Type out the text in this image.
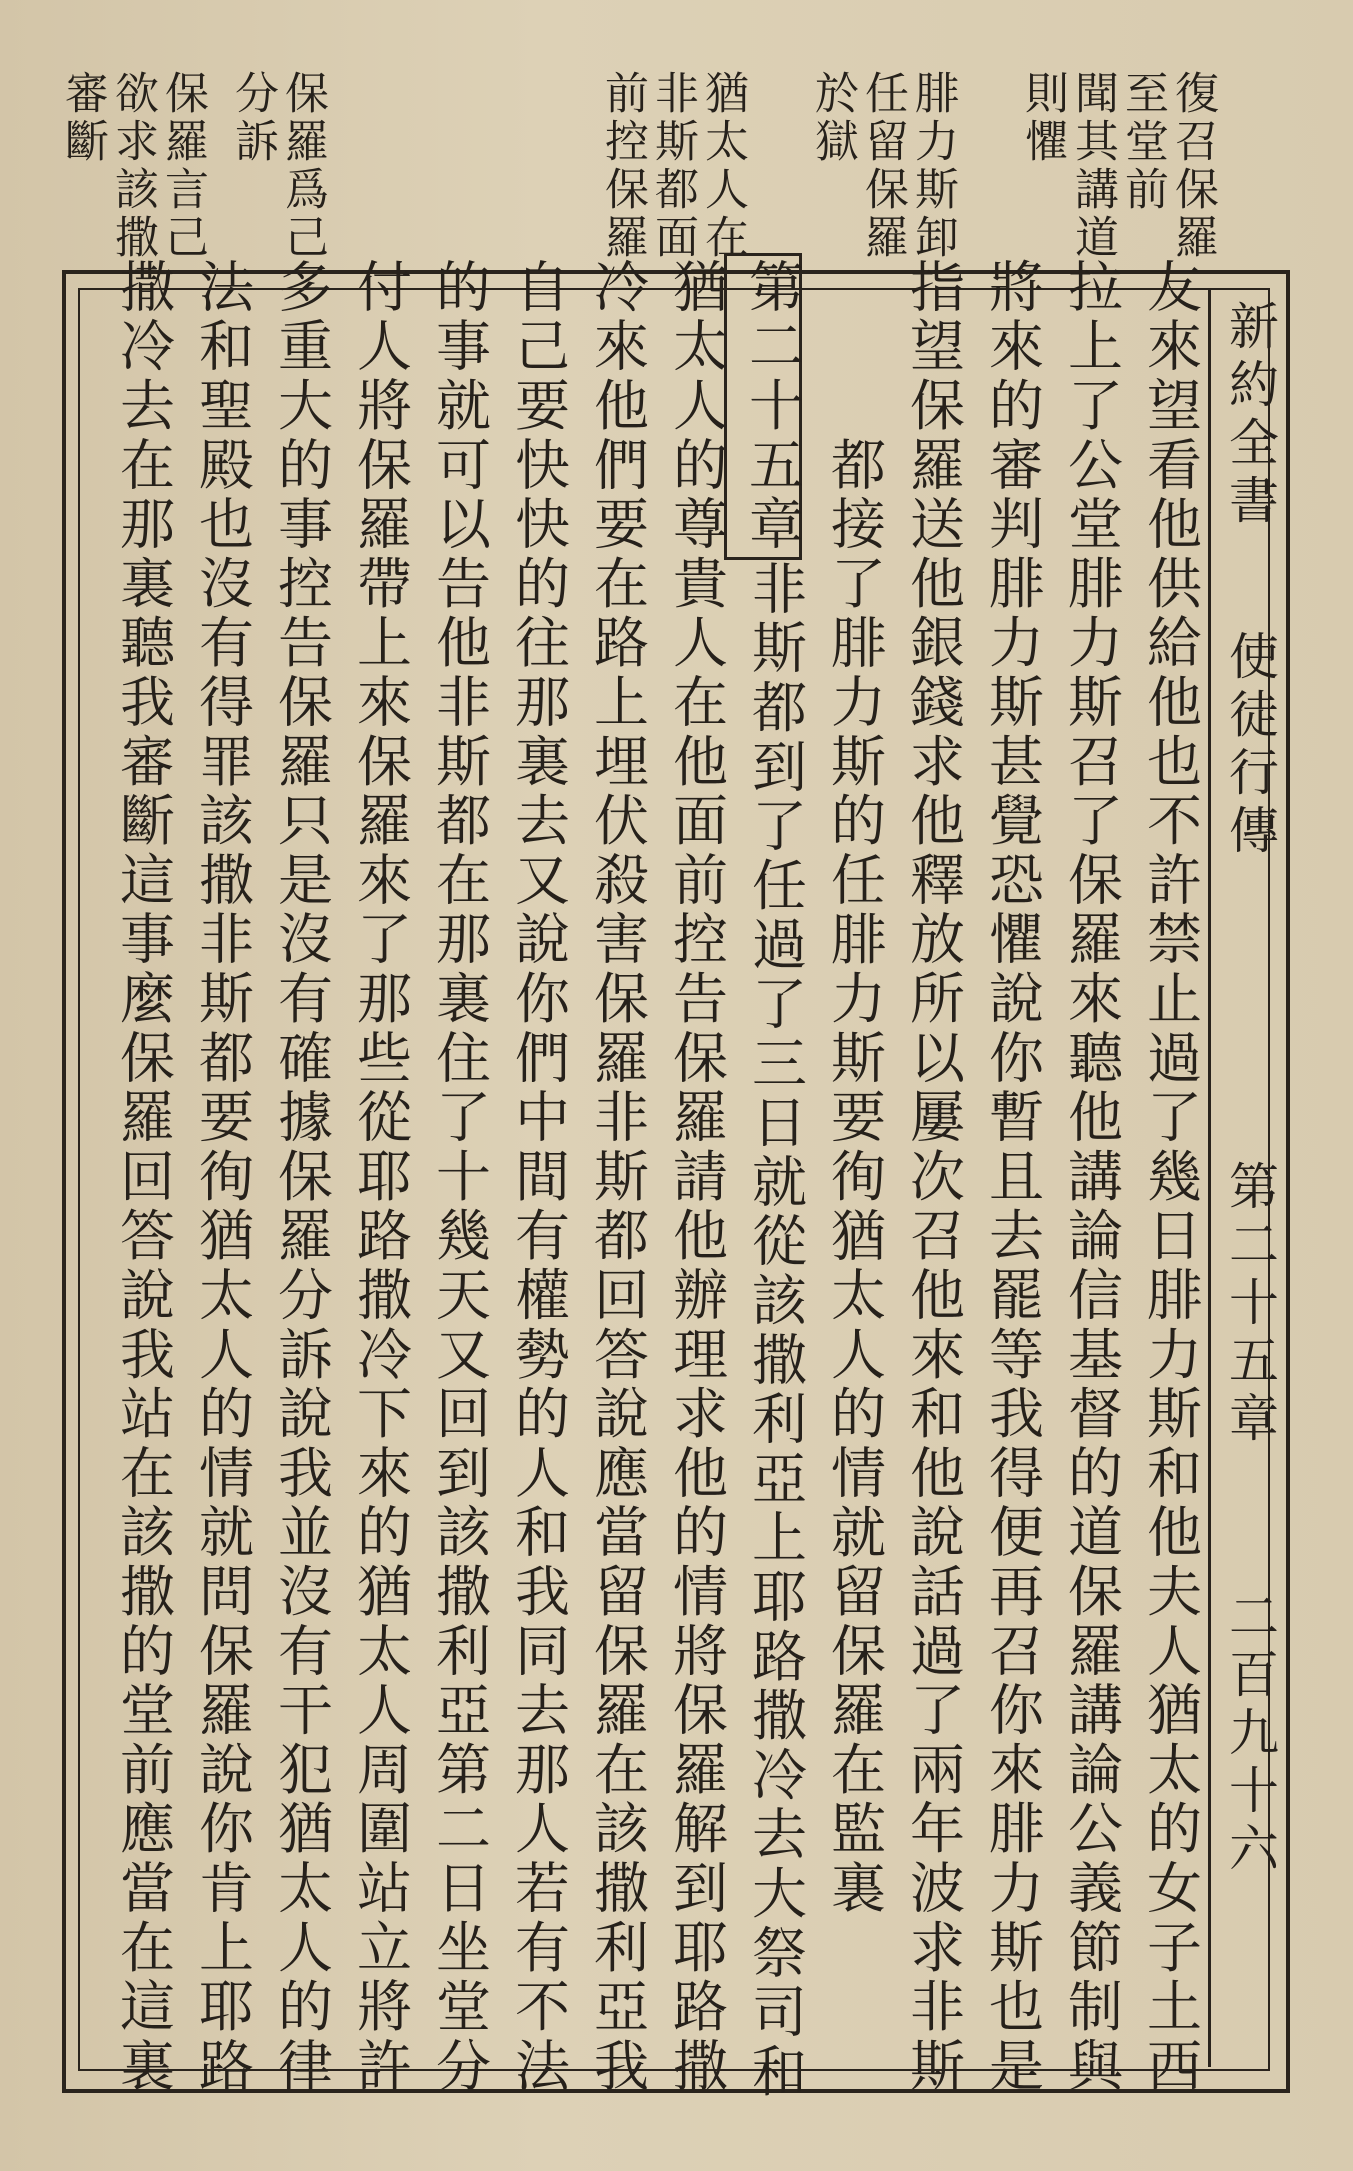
復召保羅
至堂前
聞其講道
則懼
腓力斯卸
任留保羅
於獄
猶太人在
非斯都面
前控保羅
保羅爲己
分訴
保羅言己
欲求該撒
審斷
新約全書
使徒行傳
第二十五章
二百九十六
友來望看他供給他也不許禁止過了幾日腓力斯和他夫人猶太的女子土西
拉上了公堂腓力斯召了保羅來聽他講論信基督的道保羅講論公義節制與
將來的審判腓力斯甚覺恐懼說你暫且去罷等我得便再召你來腓力斯也是
指望保羅送他銀錢求他釋放所以屢次召他來和他說話過了兩年波求非斯
都接了腓力斯的任腓力斯要徇猶太人的情就留保羅在監裏
第二十五章
非斯都到了任過了三日就從該撒利亞上耶路撒冷去大祭司和
猶太人的尊貴人在他面前控告保羅請他辦理求他的情將保羅解到耶路撒
冷來他們要在路上埋伏殺害保羅非斯都回答說應當留保羅在該撒利亞我
自己要快快的往那裏去又說你們中間有權勢的人和我同去那人若有不法
的事就可以告他非斯都在那裏住了十幾天又回到該撒利亞第二日坐堂分
付人將保羅帶上來保羅來了那些從耶路撒冷下來的猶太人周圍站立將許
多重大的事控告保羅只是沒有確據保羅分訴說我並沒有干犯猶太人的律
法和聖殿也沒有得罪該撒非斯都要徇猶太人的情就問保羅說你肯上耶路
撒冷去在那裏聽我審斷這事麼保羅回答說我站在該撒的堂前應當在這裏
